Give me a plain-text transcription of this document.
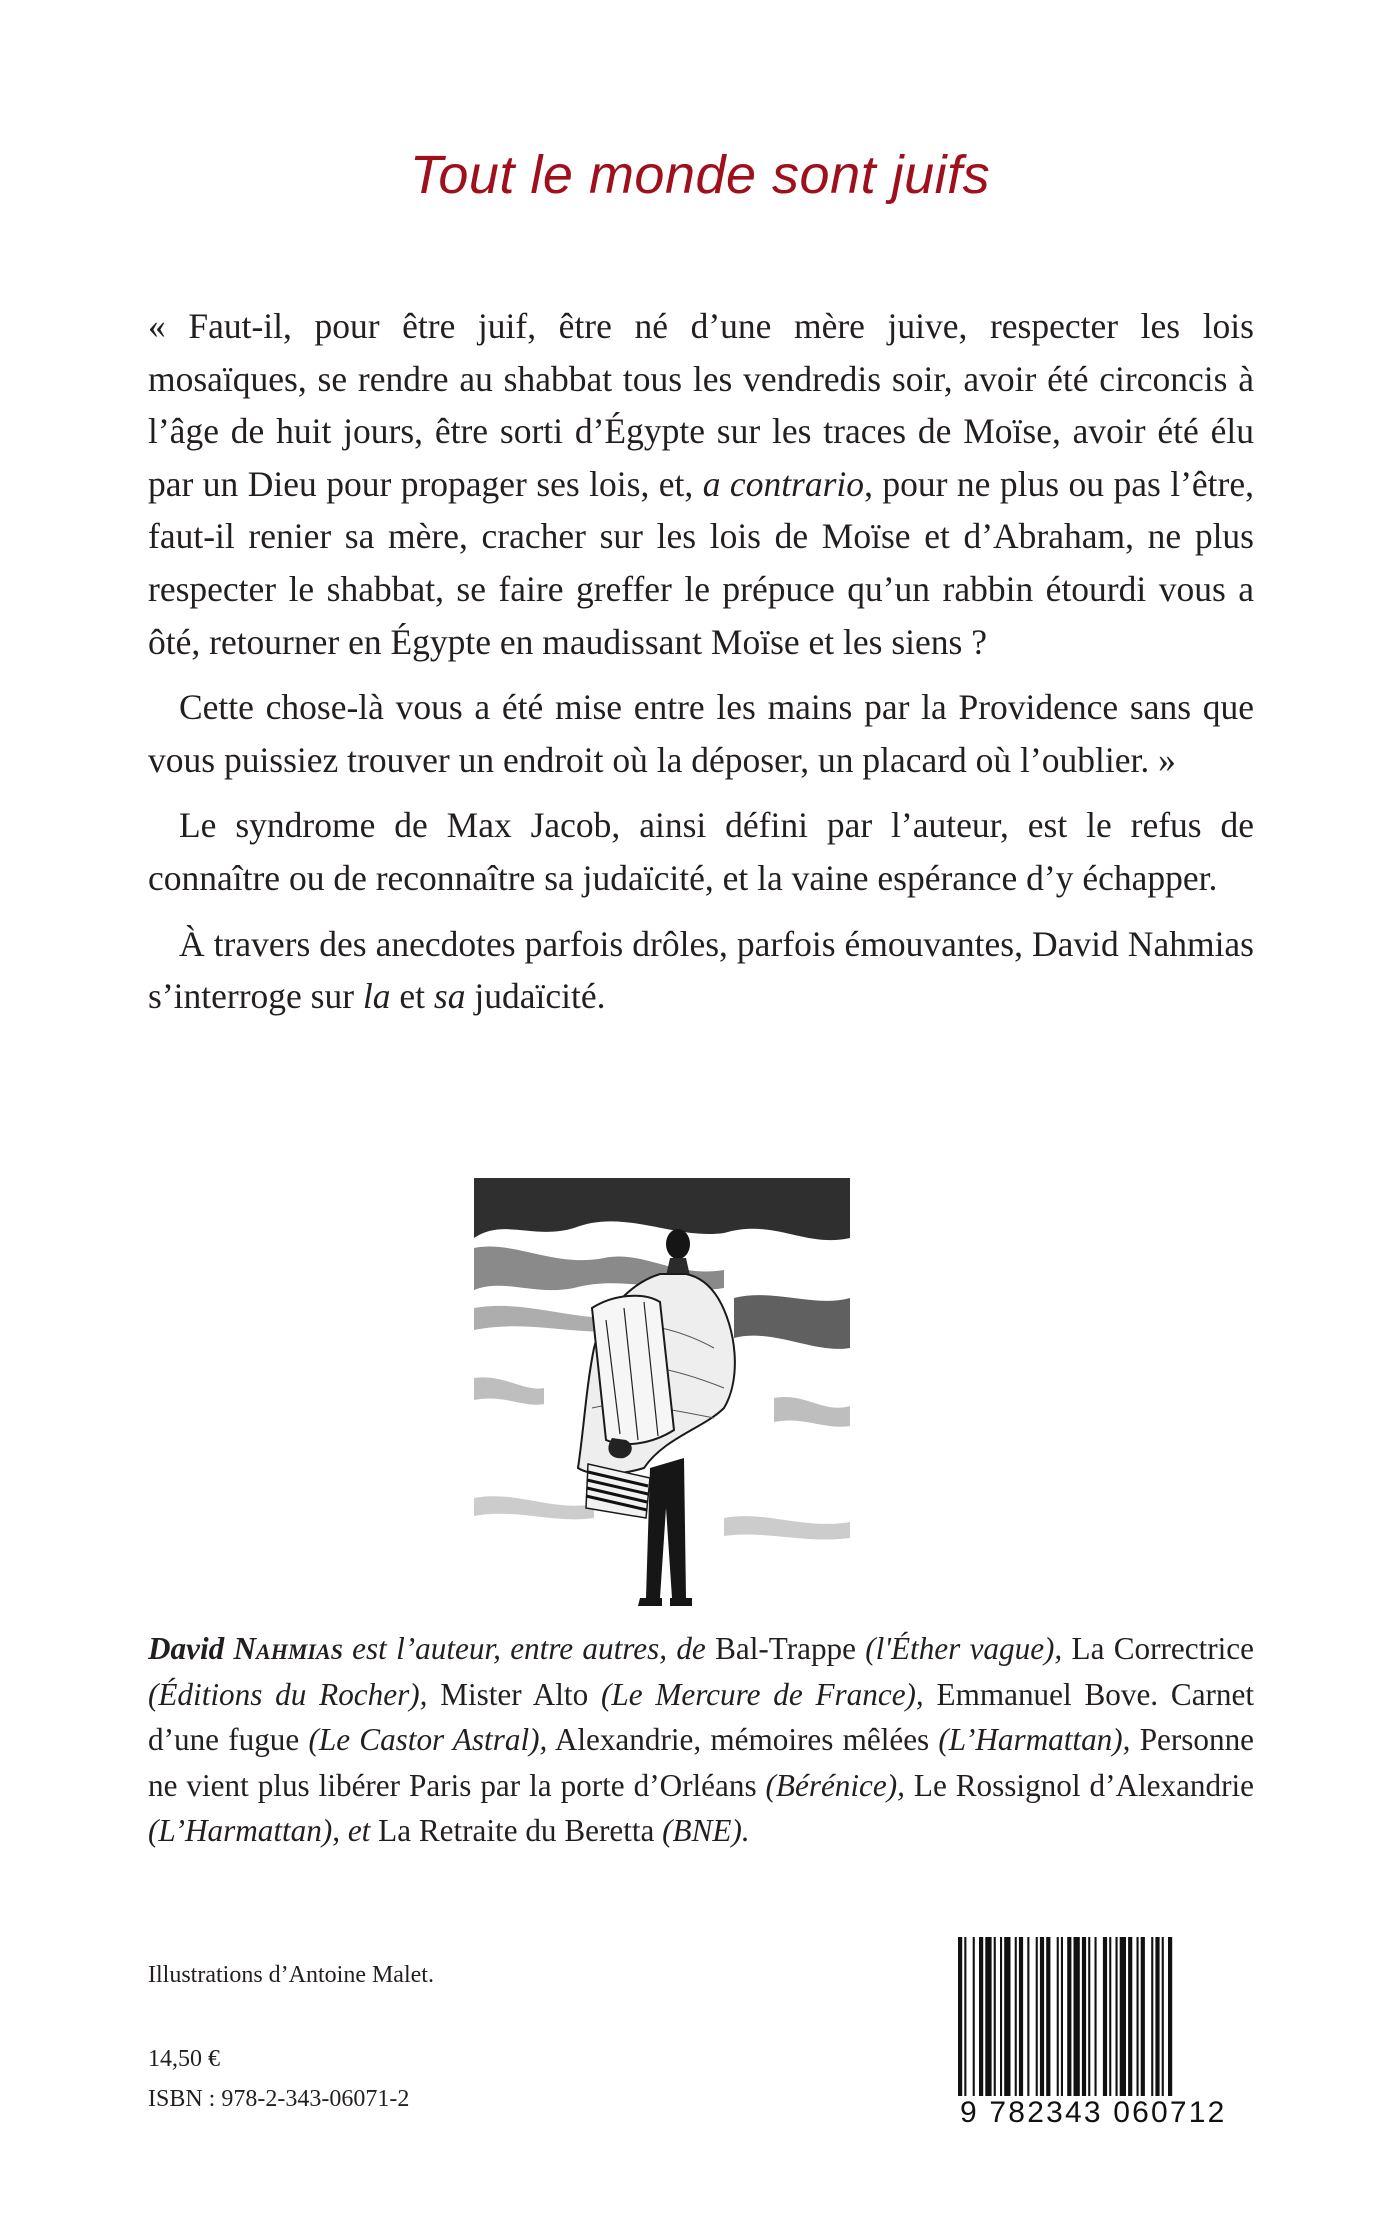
Tout le monde sont juifs

« Faut-il, pour être juif, être né d’une mère juive, respecter les lois mosaïques, se rendre au shabbat tous les vendredis soir, avoir été circoncis à l’âge de huit jours, être sorti d’Égypte sur les traces de Moïse, avoir été élu par un Dieu pour propager ses lois, et, a contrario, pour ne plus ou pas l’être, faut-il renier sa mère, cracher sur les lois de Moïse et d’Abraham, ne plus respecter le shabbat, se faire greffer le prépuce qu’un rabbin étourdi vous a ôté, retourner en Égypte en maudissant Moïse et les siens ?

Cette chose-là vous a été mise entre les mains par la Providence sans que vous puissiez trouver un endroit où la déposer, un placard où l’oublier. »

Le syndrome de Max Jacob, ainsi défini par l’auteur, est le refus de connaître ou de reconnaître sa judaïcité, et la vaine espérance d’y échapper.

À travers des anecdotes parfois drôles, parfois émouvantes, David Nahmias s’interroge sur la et sa judaïcité.

David Nahmias est l’auteur, entre autres, de Bal-Trappe (l'Éther vague), La Correctrice (Éditions du Rocher), Mister Alto (Le Mercure de France), Emmanuel Bove. Carnet d’une fugue (Le Castor Astral), Alexandrie, mémoires mêlées (L’Harmattan), Personne ne vient plus libérer Paris par la porte d’Orléans (Bérénice), Le Rossignol d’Alexandrie (L’Harmattan), et La Retraite du Beretta (BNE).
Illustrations d’Antoine Malet.
14,50 €
ISBN : 978-2-343-06071-2	9 782343 060712
